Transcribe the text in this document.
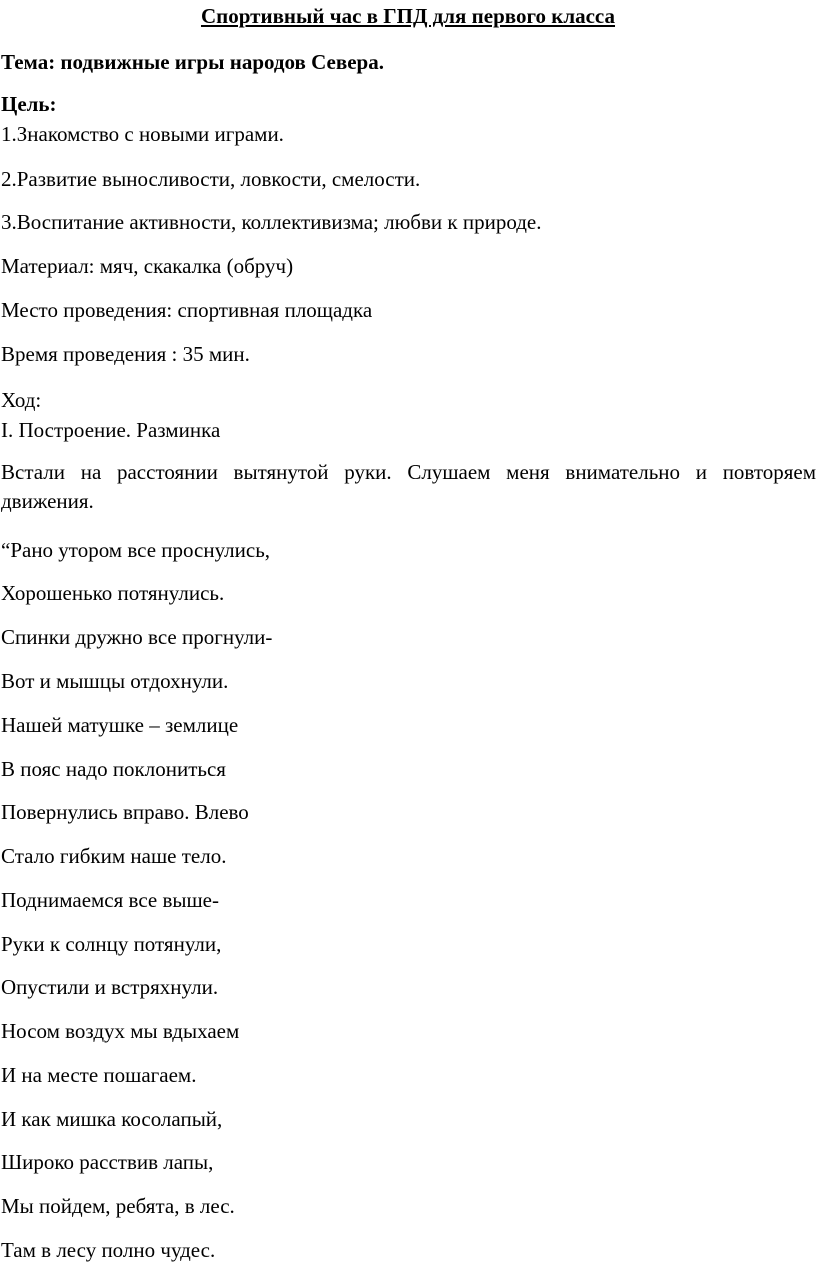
Спортивный час в ГПД для первого класса
Тема: подвижные игры народов Севера.
Цель:
1.Знакомство с новыми играми.
2.Развитие выносливости, ловкости, смелости.
3.Воспитание активности, коллективизма; любви к природе.
Материал: мяч, скакалка (обруч)
Место проведения: спортивная площадка
Время проведения : 35 мин.
Ход:
I. Построение. Разминка
Встали на расстоянии вытянутой руки. Слушаем меня внимательно и повторяем движения.
“Рано утором все проснулись,
Хорошенько потянулись.
Спинки дружно все прогнули-
Вот и мышцы отдохнули.
Нашей матушке – землице
В пояс надо поклониться
Повернулись вправо. Влево
Стало гибким наше тело.
Поднимаемся все выше-
Руки к солнцу потянули,
Опустили и встряхнули.
Носом воздух мы вдыхаем
И на месте пошагаем.
И как мишка косолапый,
Широко расствив лапы,
Мы пойдем, ребята, в лес.
Там в лесу полно чудес.
